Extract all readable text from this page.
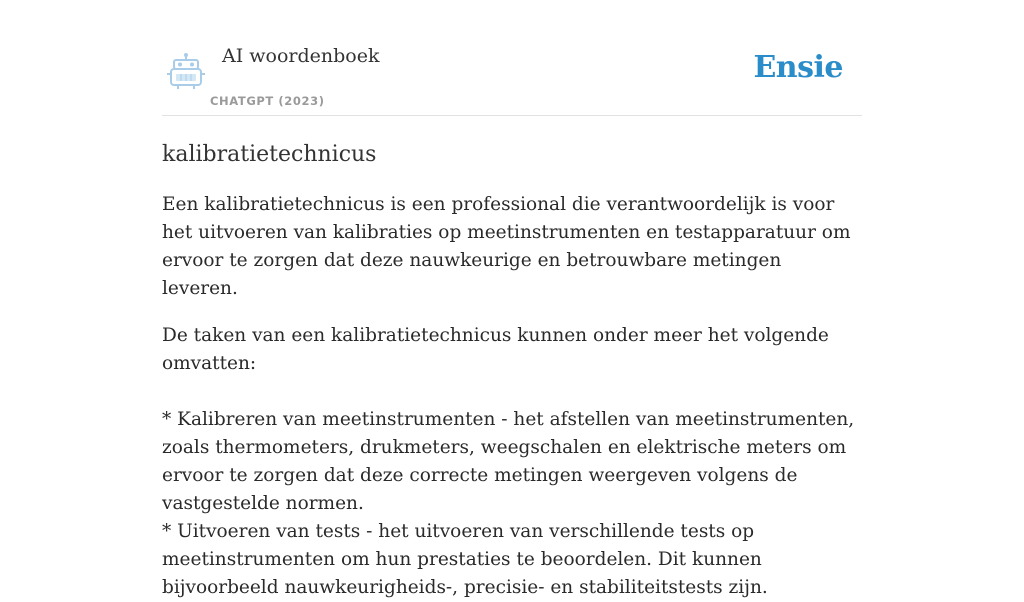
AI woordenboek
CHATGPT (2023)
Ensie
kalibratietechnicus

Een kalibratietechnicus is een professional die verantwoordelijk is voor het uitvoeren van kalibraties op meetinstrumenten en testapparatuur om ervoor te zorgen dat deze nauwkeurige en betrouwbare metingen leveren.

De taken van een kalibratietechnicus kunnen onder meer het volgende omvatten:

* Kalibreren van meetinstrumenten - het afstellen van meetinstrumenten, zoals thermometers, drukmeters, weegschalen en elektrische meters om ervoor te zorgen dat deze correcte metingen weergeven volgens de vastgestelde normen.
* Uitvoeren van tests - het uitvoeren van verschillende tests op meetinstrumenten om hun prestaties te beoordelen. Dit kunnen bijvoorbeeld nauwkeurigheids-, precisie- en stabiliteitstests zijn.
